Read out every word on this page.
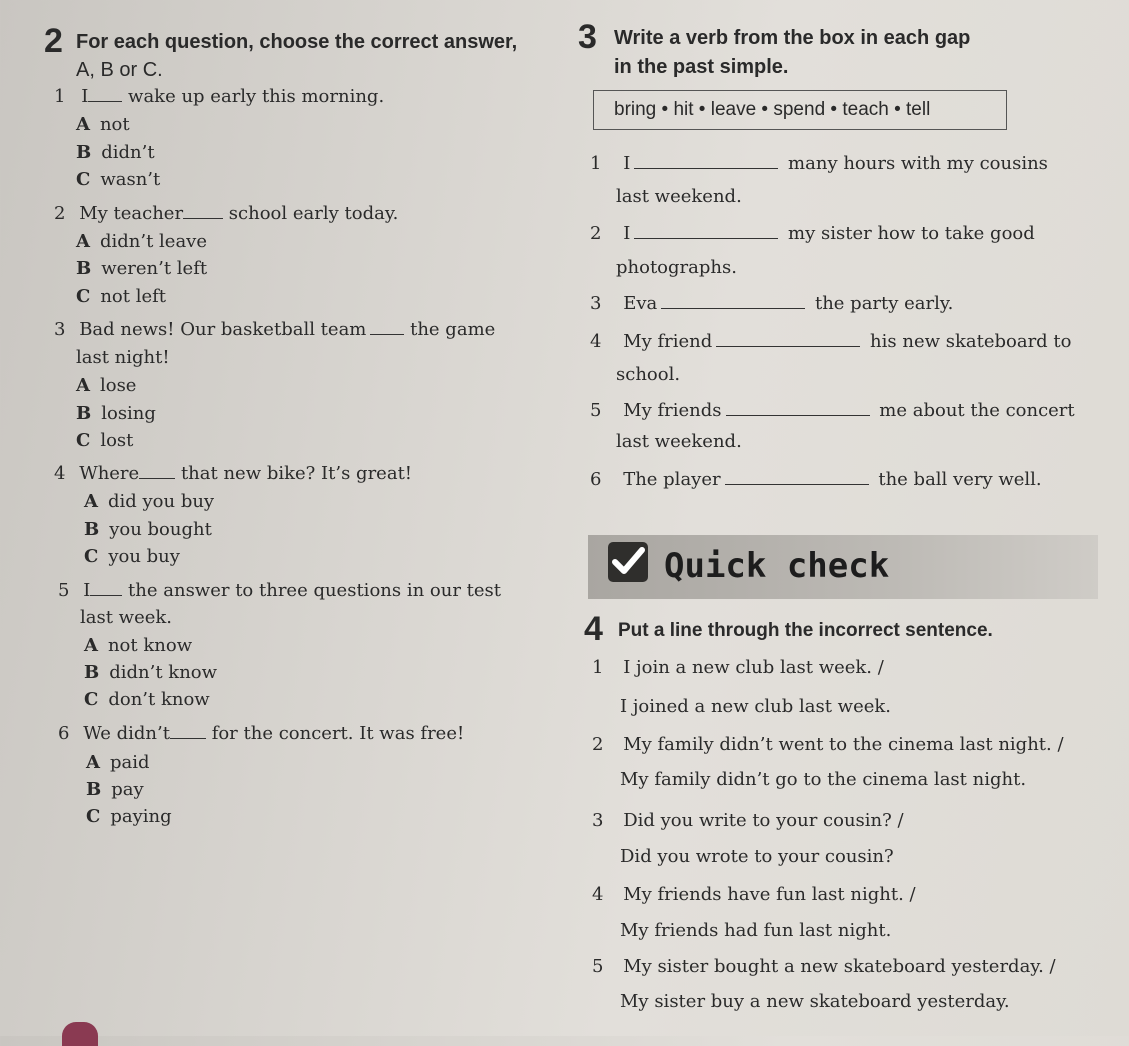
2 For each question, choose the correct answer,
A, B or C.
1 I wake up early this morning.
A not
B didn’t
C wasn’t
2 My teacher	school early today.
A didn’t leave
B weren’t left
C not left
3 Bad news! Our basketball team the game
last night!
A lose
B losing
C lost
4 Where that new bike? It’s great!
A did you buy
B you bought
C you buy
5 I the answer to three questions in our test
last week.
A not know
B didn’t know
C don’t know
6 We didn’t for the concert. It was free!
A paid
B pay
C paying
3 Write a verb from the box in each gap
in the past simple.
bring • hit • leave • spend • teach • tell
1 I	many hours with my cousins
last weekend.
2 I	my sister how to take good
photographs.
3 Eva	the party early.
4 My friend	his new skateboard to
school.
5 My friends	me about the concert
last weekend.
6 The player	the ball very well.
Quick check
4 Put a line through the incorrect sentence.
1 I join a new club last week. /
I joined a new club last week.
2 My family didn’t went to the cinema last night. /
My family didn’t go to the cinema last night.
3 Did you write to your cousin? /
Did you wrote to your cousin?
4 My friends have fun last night. /
My friends had fun last night.
5 My sister bought a new skateboard yesterday. /
My sister buy a new skateboard yesterday.
